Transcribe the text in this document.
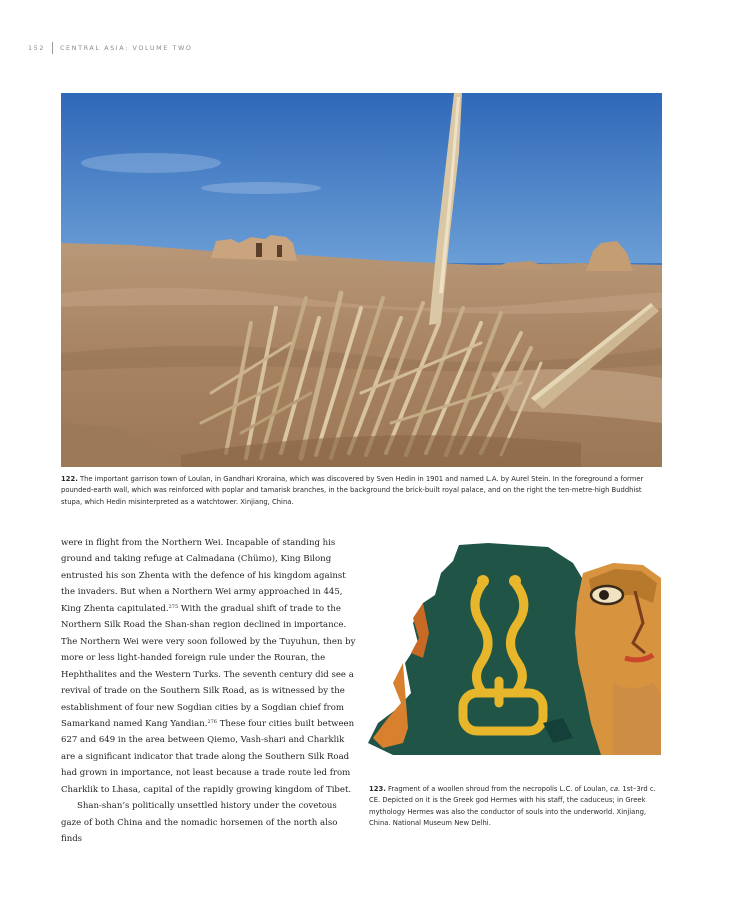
152 CENTRAL ASIA: VOLUME TWO
122. The important garrison town of Loulan, in Gandhari Kroraina, which was discovered by Sven Hedin in 1901 and named L.A. by Aurel Stein. In the foreground a former pounded-earth wall, which was reinforced with poplar and tamarisk branches, in the background the brick-built royal palace, and on the right the ten-metre-high Buddhist stupa, which Hedin misinterpreted as a watchtower. Xinjiang, China.

were in flight from the Northern Wei. Incapable of standing his ground and taking refuge at Calmadana (Chümo), King Bilong entrusted his son Zhenta with the defence of his kingdom against the invaders. But when a Northern Wei army approached in 445, King Zhenta capitulated.$^{275}$ With the gradual shift of trade to the Northern Silk Road the Shan-shan region declined in importance. The Northern Wei were very soon followed by the Tuyuhun, then by more or less light-handed foreign rule under the Rouran, the Hephthalites and the Western Turks. The seventh century did see a revival of trade on the Southern Silk Road, as is witnessed by the establishment of four new Sogdian cities by a Sogdian chief from Samarkand named Kang Yandian.$^{276}$ These four cities built between 627 and 649 in the area between Qiemo, Vash-shari and Charklik are a significant indicator that trade along the Southern Silk Road had grown in importance, not least because a trade route led from Charklik to Lhasa, capital of the rapidly growing kingdom of Tibet.

Shan-shan’s politically unsettled history under the covetous gaze of both China and the nomadic horsemen of the north also finds

123. Fragment of a woollen shroud from the necropolis L.C. of Loulan, ca. 1st–3rd c. CE. Depicted on it is the Greek god Hermes with his staff, the caduceus; in Greek mythology Hermes was also the conductor of souls into the underworld. Xinjiang, China. National Museum New Delhi.
